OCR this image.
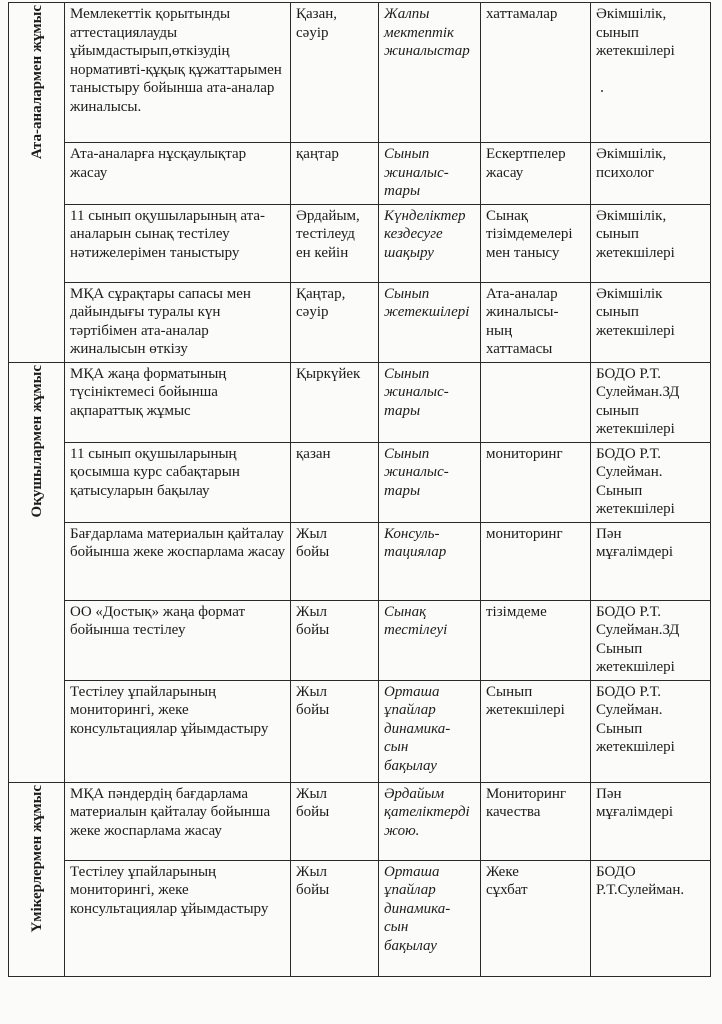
Ата-аналармен жұмыс	Мемлекеттік қорытынды аттестациялауды ұйымдастырып,өткізудің нормативті-құқық құжаттарымен таныстыру бойынша ата-аналар жиналысы.	Қазан,
сәуір	Жалпы
мектептік
жиналыстар	хаттамалар	Әкімшілік,
сынып
жетекшілері
	Ата-аналарға нұсқаулықтар жасау	қаңтар	Сынып
жиналыс-
тары	Ескертпелер
жасау	Әкімшілік,
психолог
	11 сынып оқушыларының ата-аналарын сынақ тестілеу нәтижелерімен таныстыру	Әрдайым,
тестілеуд
ен кейін	Күнделіктер
кездесуге
шақыру	Сынақ
тізімдемелері
мен танысу	Әкімшілік,
сынып
жетекшілері
	МҚА сұрақтары сапасы мен дайындығы туралы күн тәртібімен ата-аналар жиналысын өткізу	Қаңтар,
сәуір	Сынып
жетекшілері	Ата-аналар
жиналысы-
ның
хаттамасы	Әкімшілік
сынып
жетекшілері
Оқушылармен жұмыс	МҚА жаңа форматының түсініктемесі бойынша ақпараттық жұмыс	Қыркүйек	Сынып
жиналыс-
тары		БОДО Р.Т.
Сулейман.ЗД
сынып
жетекшілері
	11 сынып оқушыларының қосымша курс сабақтарын қатысуларын бақылау	қазан	Сынып
жиналыс-
тары	мониторинг	БОДО Р.Т.
Сулейман.
Сынып
жетекшілері
	Бағдарлама материалын қайталау бойынша жеке жоспарлама жасау	Жыл
бойы	Консуль-
тациялар	мониторинг	Пән
мұғалімдері
	ОО «Достық» жаңа формат бойынша тестілеу	Жыл
бойы	Сынақ
тестілеуі	тізімдеме	БОДО Р.Т.
Сулейман.ЗД
Сынып
жетекшілері
	Тестілеу ұпайларының мониторингі, жеке консультациялар ұйымдастыру	Жыл
бойы	Орташа
ұпайлар
динамика-
сын
бақылау	Сынып
жетекшілері	БОДО Р.Т.
Сулейман.
Сынып
жетекшілері
Үмікерлермен жұмыс	МҚА пәндердің бағдарлама материалын қайталау бойынша жеке жоспарлама жасау	Жыл
бойы	Әрдайым
қателіктерді
жою.	Мониторинг
качества	Пән
мұғалімдері
	Тестілеу ұпайларының мониторингі, жеке консультациялар ұйымдастыру	Жыл
бойы	Орташа
ұпайлар
динамика-
сын
бақылау	Жеке
сұхбат	БОДО
Р.Т.Сулейман.
